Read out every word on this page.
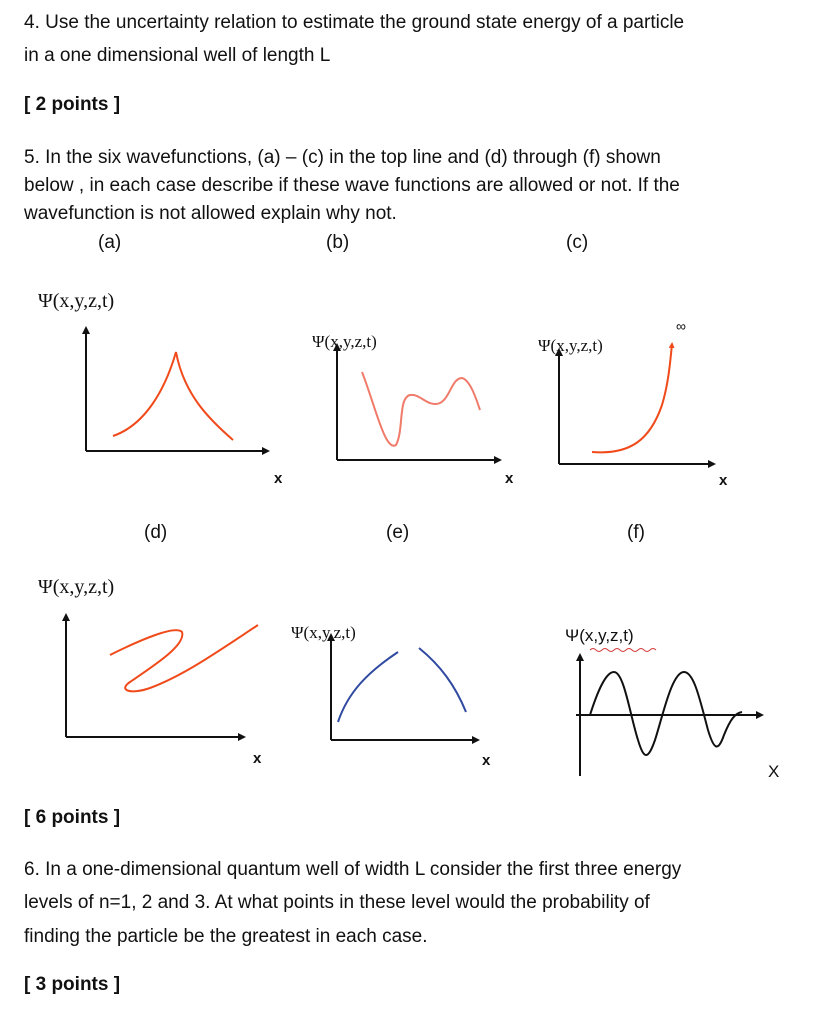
4. Use the uncertainty relation to estimate the ground state energy of a particle
in a one dimensional well of length L
[ 2 points ]
5. In the six wavefunctions, (a) – (c) in the top line and (d) through (f) shown
below , in each case describe if these wave functions are allowed or not. If the
wavefunction is not allowed explain why not.
(a)	(b)	(c)
Ψ(x,y,z,t)
Ψ(x,y,z,t)	Ψ(x,y,z,t)
∞
x	x	x
(d)	(e)	(f)
Ψ(x,y,z,t)
Ψ(x,y,z,t)	Ψ(x,y,z,t)
x	x
X
[ 6 points ]
6. In a one-dimensional quantum well of width L consider the first three energy
levels of n=1, 2 and 3. At what points in these level would the probability of
finding the particle be the greatest in each case.
[ 3 points ]
